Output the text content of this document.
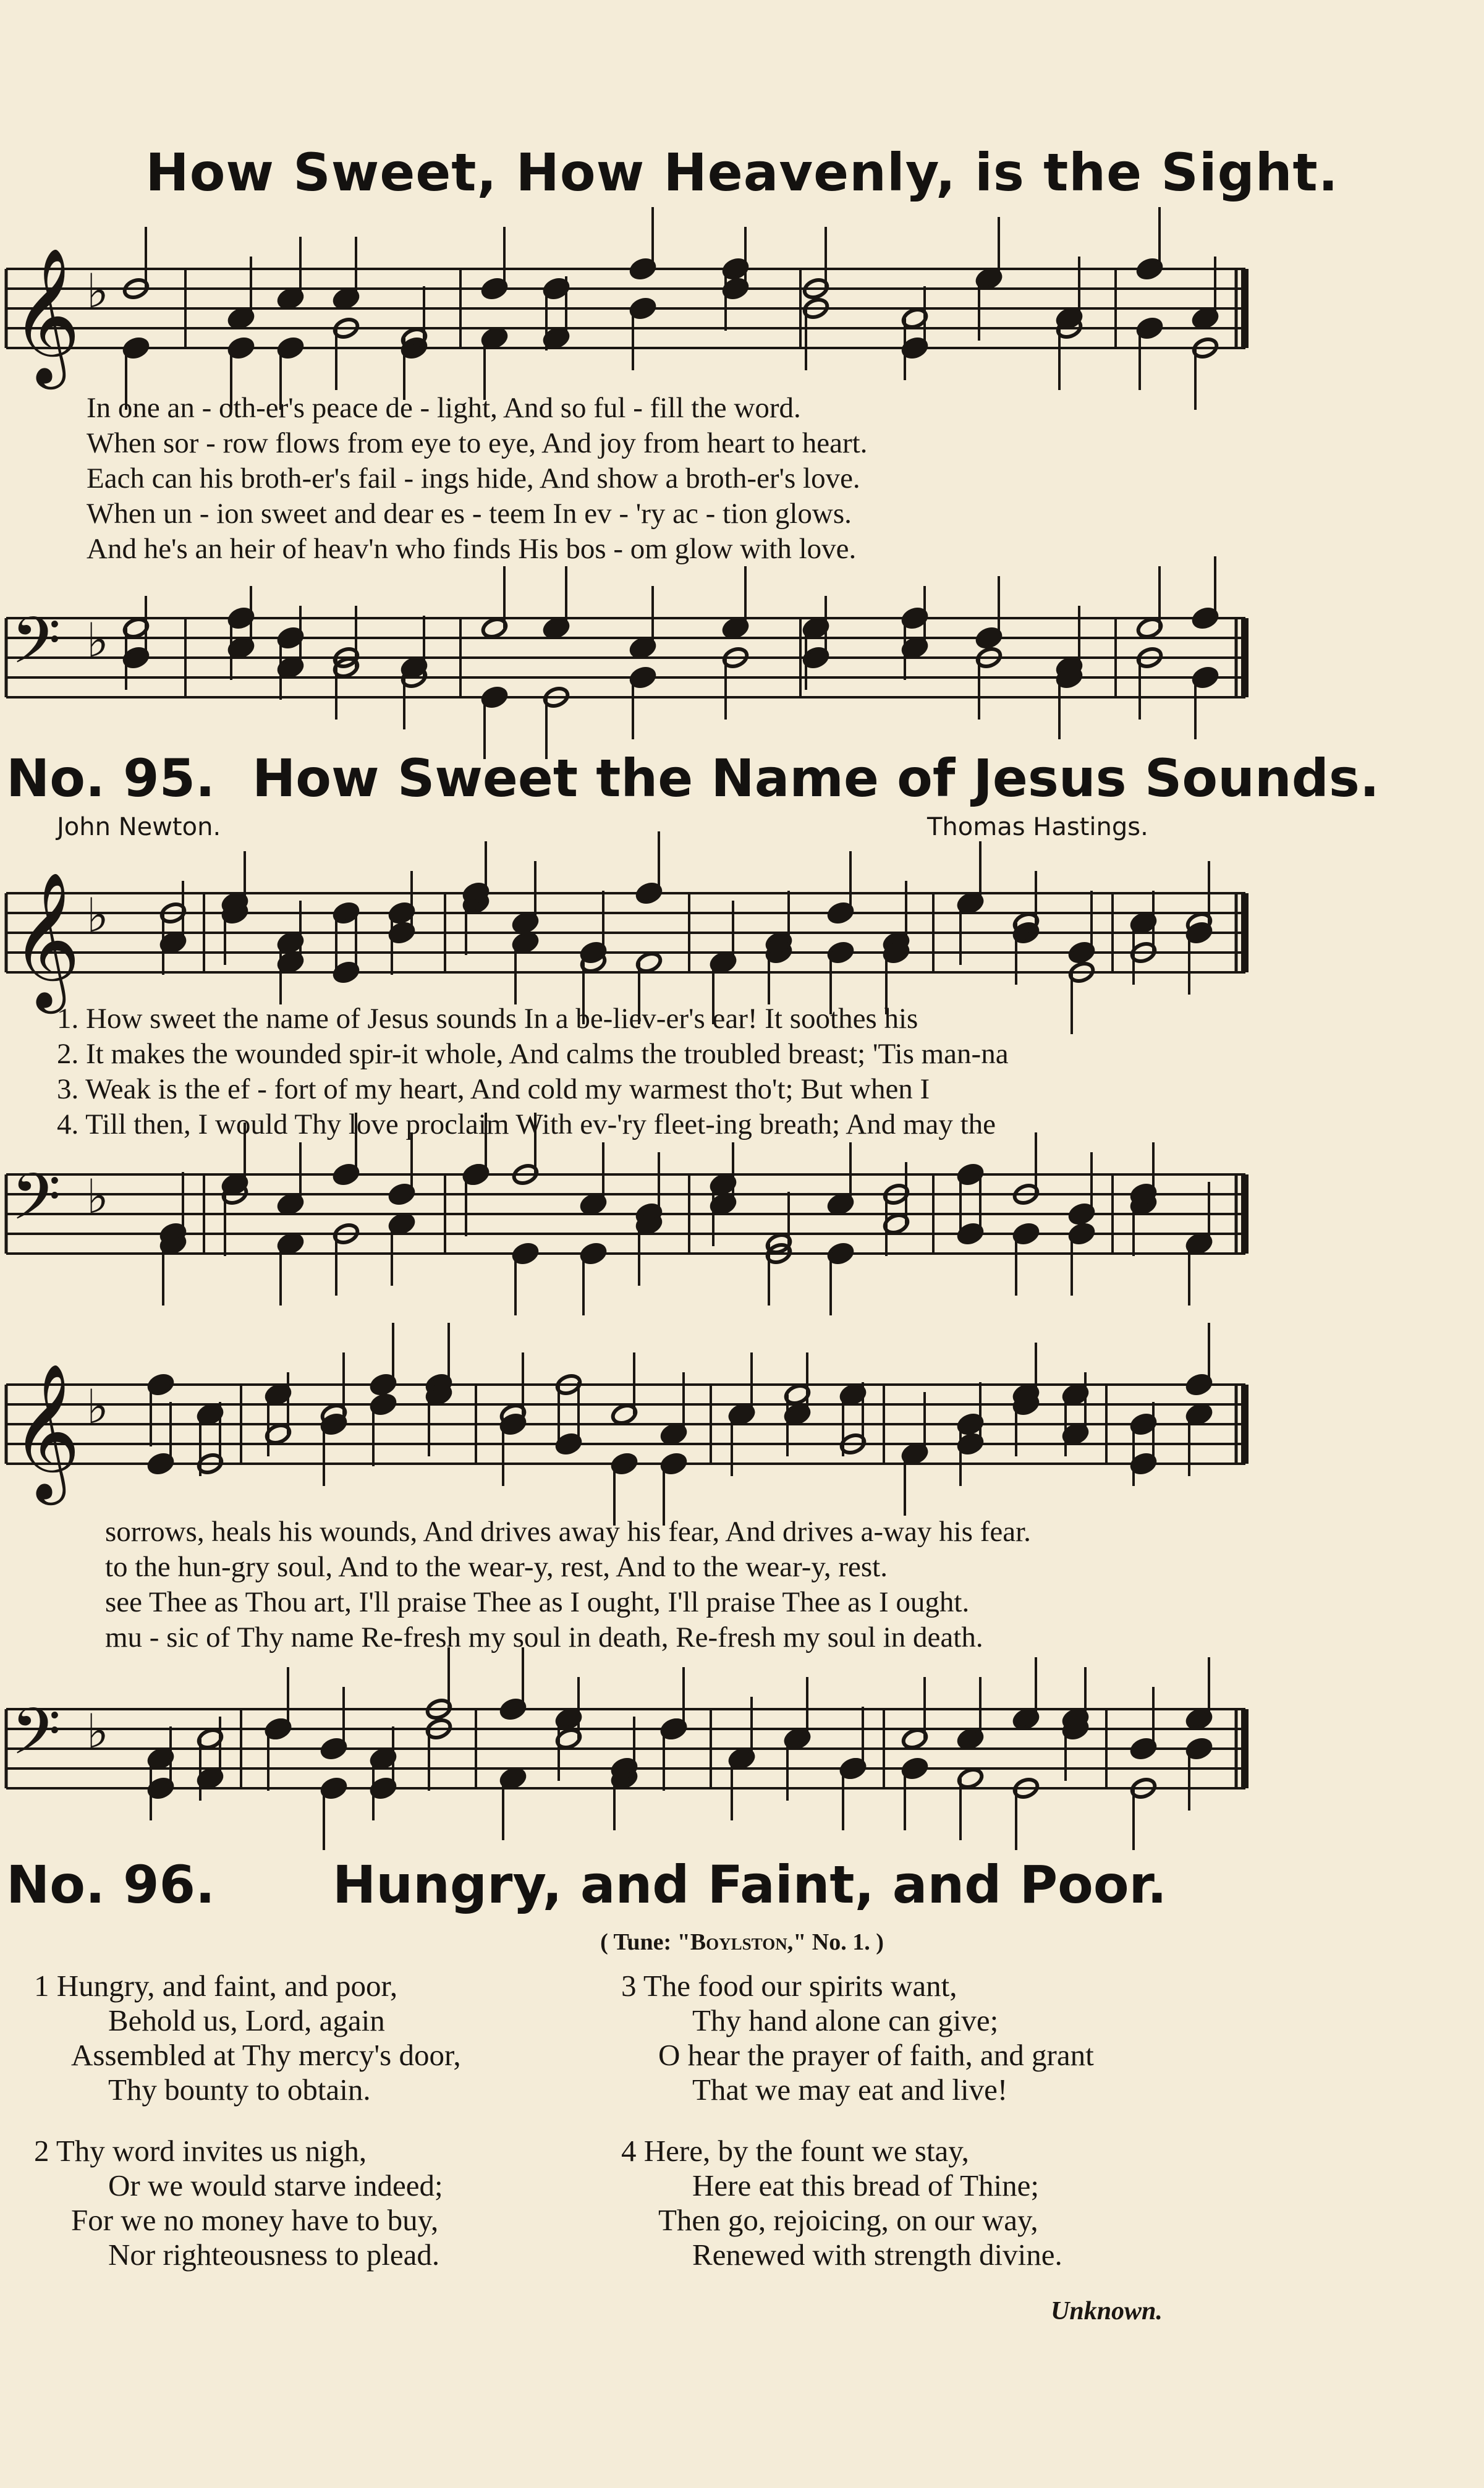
How Sweet, How Heavenly, is the Sight.
𝄞 ♭
In one an - oth-er's peace de - light, And so ful - fill the word.
When sor - row flows from eye to eye, And joy from heart to heart.
Each can his broth-er's fail - ings hide, And show a broth-er's love.
When un - ion sweet and dear es - teem In ev - 'ry ac - tion glows.
And he's an heir of heav'n who finds His bos - om glow with love.
𝄢 ♭
No. 95. How Sweet the Name of Jesus Sounds.
John Newton.	Thomas Hastings.
𝄞 ♭
1. How sweet the name of Jesus sounds In a be-liev-er's ear! It soothes his
2. It makes the wounded spir-it whole, And calms the troubled breast; 'Tis man-na
3. Weak is the ef - fort of my heart, And cold my warmest tho't; But when I
4. Till then, I would Thy love proclaim With ev-'ry fleet-ing breath; And may the
𝄢 ♭
𝄞 ♭
sorrows, heals his wounds, And drives away his fear, And drives a-way his fear.
to the hun-gry soul, And to the wear-y, rest, And to the wear-y, rest.
see Thee as Thou art, I'll praise Thee as I ought, I'll praise Thee as I ought.
mu - sic of Thy name Re-fresh my soul in death, Re-fresh my soul in death.
𝄢 ♭
No. 96. Hungry, and Faint, and Poor.
( Tune: "Boylston," No. 1. )
1 Hungry, and faint, and poor,
Behold us, Lord, again
Assembled at Thy mercy's door,
Thy bounty to obtain.
2 Thy word invites us nigh,
Or we would starve indeed;
For we no money have to buy,
Nor righteousness to plead.
3 The food our spirits want,
Thy hand alone can give;
O hear the prayer of faith, and grant
That we may eat and live!
4 Here, by the fount we stay,
Here eat this bread of Thine;
Then go, rejoicing, on our way,
Renewed with strength divine.
Unknown.
